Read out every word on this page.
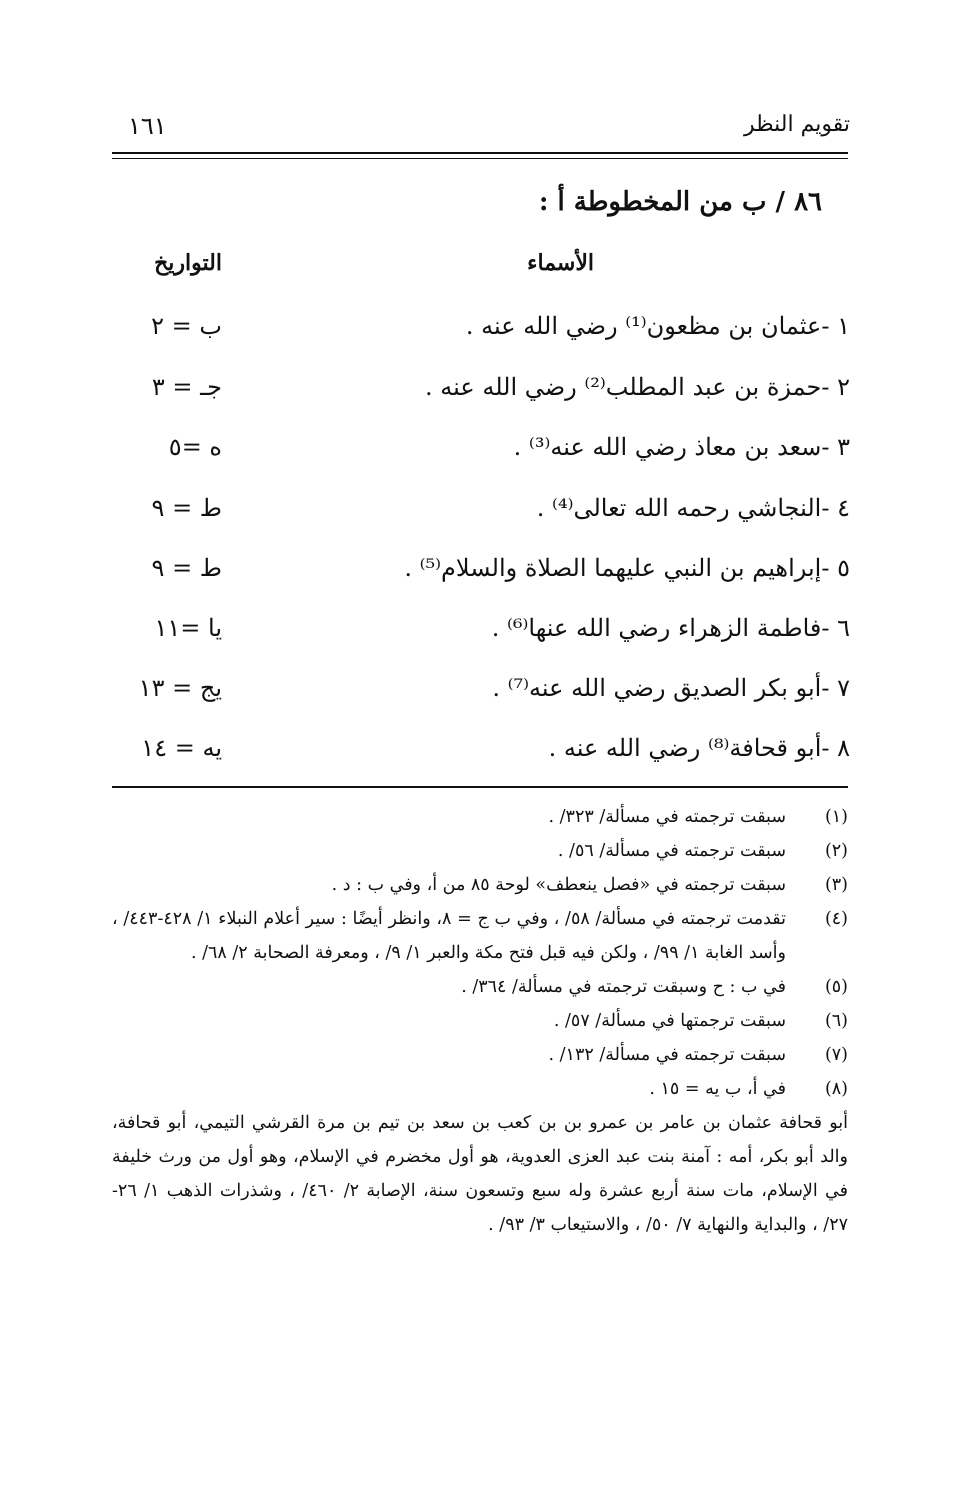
تقويم النظر
١٦١
٨٦ / ب من المخطوطة أ :
الأسماء
التواريخ
١ -عثمان بن مظعون⁽¹⁾ رضي الله عنه .
ب = ٢
٢ -حمزة بن عبد المطلب⁽²⁾ رضي الله عنه .
جـ = ٣
٣ -سعد بن معاذ رضي الله عنه⁽³⁾ .
ه =٥
٤ -النجاشي رحمه الله تعالى⁽⁴⁾ .
ط = ٩
٥ -إبراهيم بن النبي عليهما الصلاة والسلام⁽⁵⁾ .
ط = ٩
٦ -فاطمة الزهراء رضي الله عنها⁽⁶⁾ .
يا =١١
٧ -أبو بكر الصديق رضي الله عنه⁽⁷⁾ .
يج = ١٣
٨ -أبو قحافة⁽⁸⁾ رضي الله عنه .
يه = ١٤
(١)
سبقت ترجمته في مسألة/ ٣٢٣/ .
(٢)
سبقت ترجمته في مسألة/ ٥٦/ .
(٣)
سبقت ترجمته في «فصل ينعطف» لوحة ٨٥ من أ، وفي ب : د .
(٤)
تقدمت ترجمته في مسألة/ ٥٨/ ، وفي ب ج = ٨، وانظر أيضًا : سير أعلام النبلاء ١/ ٤٢٨-٤٤٣/ ، وأسد الغابة ١/ ٩٩/ ، ولكن فيه قبل فتح مكة والعبر ١/ ٩/ ، ومعرفة الصحابة ٢/ ٦٨/ .
(٥)
في ب : ح وسبقت ترجمته في مسألة/ ٣٦٤/ .
(٦)
سبقت ترجمتها في مسألة/ ٥٧/ .
(٧)
سبقت ترجمته في مسألة/ ١٣٢/ .
(٨)
في أ، ب يه = ١٥ .
أبو قحافة عثمان بن عامر بن عمرو بن بن كعب بن سعد بن تيم بن مرة القرشي التيمي، أبو قحافة، والد أبو بكر، أمه : آمنة بنت عبد العزى العدوية، هو أول مخضرم في الإسلام، وهو أول من ورث خليفة في الإسلام، مات سنة أربع عشرة وله سبع وتسعون سنة، الإصابة ٢/ ٤٦٠/ ، وشذرات الذهب ١/ ٢٦- ٢٧/ ، والبداية والنهاية ٧/ ٥٠/ ، والاستيعاب ٣/ ٩٣/ .
